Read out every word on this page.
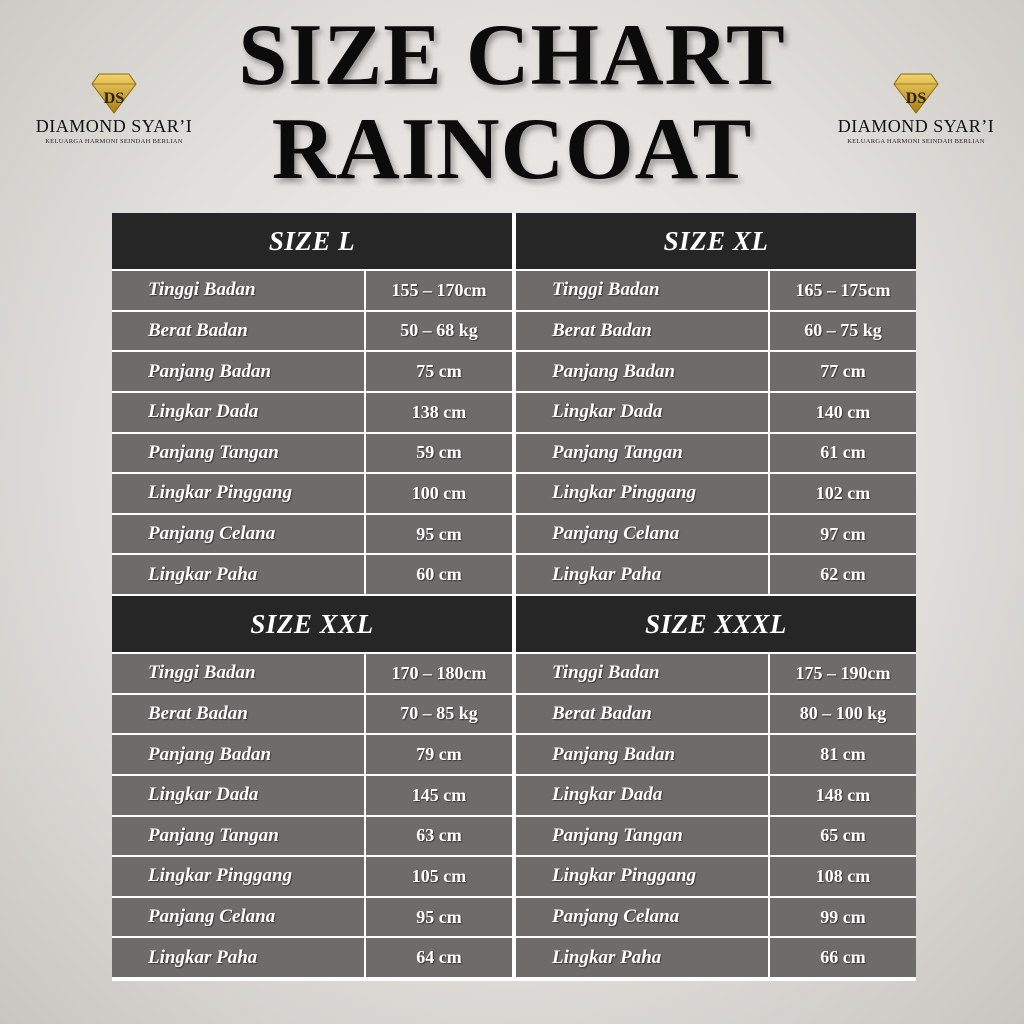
SIZE CHART
RAINCOAT
DS
DIAMOND SYAR’I
KELUARGA HARMONI SEINDAH BERLIAN
DS
DIAMOND SYAR’I
KELUARGA HARMONI SEINDAH BERLIAN
SIZE L
Tinggi Badan	155 – 170cm
Berat Badan	50 – 68 kg
Panjang Badan	75 cm
Lingkar Dada	138 cm
Panjang Tangan	59 cm
Lingkar Pinggang	100 cm
Panjang Celana	95 cm
Lingkar Paha	60 cm
SIZE XL
Tinggi Badan	165 – 175cm
Berat Badan	60 – 75 kg
Panjang Badan	77 cm
Lingkar Dada	140 cm
Panjang Tangan	61 cm
Lingkar Pinggang	102 cm
Panjang Celana	97 cm
Lingkar Paha	62 cm
SIZE XXL
Tinggi Badan	170 – 180cm
Berat Badan	70 – 85 kg
Panjang Badan	79 cm
Lingkar Dada	145 cm
Panjang Tangan	63 cm
Lingkar Pinggang	105 cm
Panjang Celana	95 cm
Lingkar Paha	64 cm
SIZE XXXL
Tinggi Badan	175 – 190cm
Berat Badan	80 – 100 kg
Panjang Badan	81 cm
Lingkar Dada	148 cm
Panjang Tangan	65 cm
Lingkar Pinggang	108 cm
Panjang Celana	99 cm
Lingkar Paha	66 cm
